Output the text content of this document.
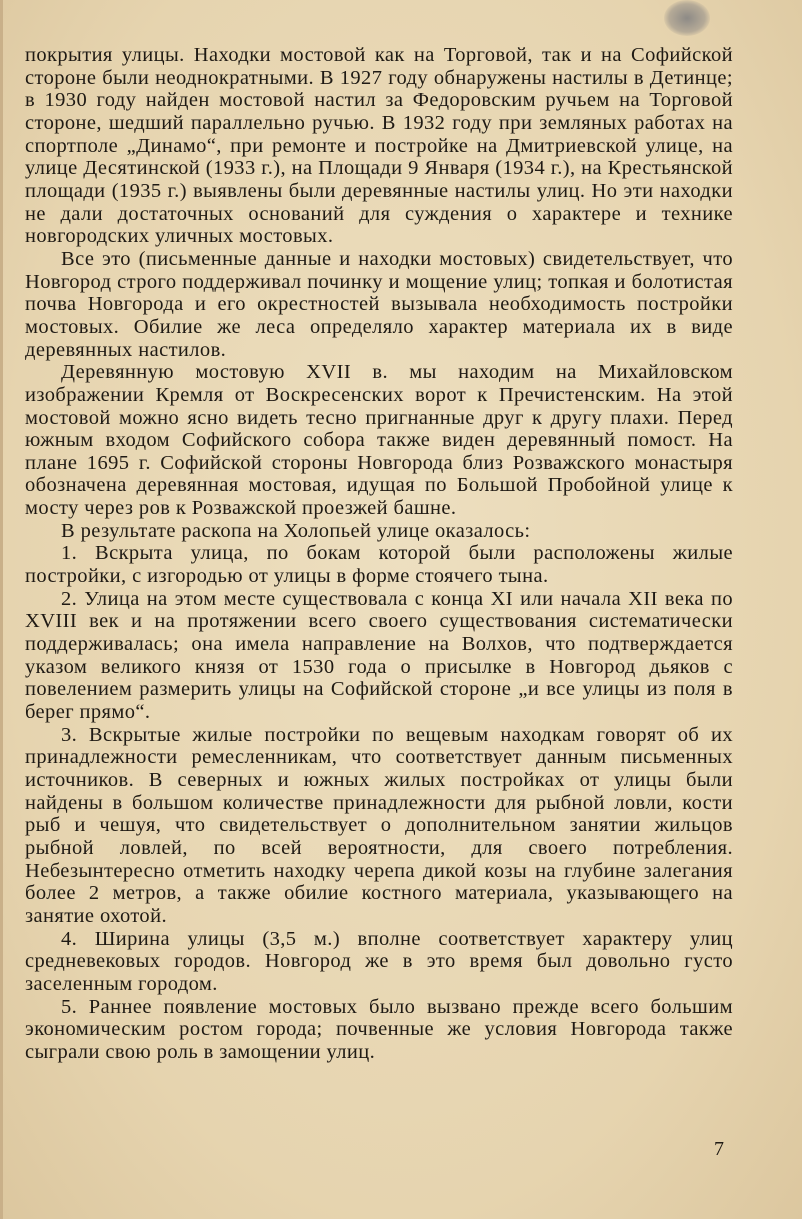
покрытия улицы. Находки мостовой как на Торговой, так и на Софийской стороне были неоднократными. В 1927 году обнаружены настилы в Детинце; в 1930 году найден мостовой настил за Федоровским ручьем на Торговой стороне, шедший параллельно ручью. В 1932 году при земляных работах на спортполе „Динамо“, при ремонте и постройке на Дмитриевской улице, на улице Десятинской (1933 г.), на Площади 9 Января (1934 г.), на Крестьянской площади (1935 г.) выявлены были деревянные настилы улиц. Но эти находки не дали достаточных оснований для суждения о характере и технике новгородских уличных мостовых.

Все это (письменные данные и находки мостовых) свидетельствует, что Новгород строго поддерживал починку и мощение улиц; топкая и болотистая почва Новгорода и его окрестностей вызывала необходимость постройки мостовых. Обилие же леса определяло характер материала их в виде деревянных настилов.

Деревянную мостовую XVII в. мы находим на Михайловском изображении Кремля от Воскресенских ворот к Пречистенским. На этой мостовой можно ясно видеть тесно пригнанные друг к другу плахи. Перед южным входом Софийского собора также виден деревянный помост. На плане 1695 г. Софийской стороны Новгорода близ Розважского монастыря обозначена деревянная мостовая, идущая по Большой Пробойной улице к мосту через ров к Розважской проезжей башне.

В результате раскопа на Холопьей улице оказалось:

1. Вскрыта улица, по бокам которой были расположены жилые постройки, с изгородью от улицы в форме стоячего тына.

2. Улица на этом месте существовала с конца XI или начала XII века по XVIII век и на протяжении всего своего существования систематически поддерживалась; она имела направление на Волхов, что подтверждается указом великого князя от 1530 года о присылке в Новгород дьяков с повелением размерить улицы на Софийской стороне „и все улицы из поля в берег прямо“.

3. Вскрытые жилые постройки по вещевым находкам говорят об их принадлежности ремесленникам, что соответствует данным письменных источников. В северных и южных жилых постройках от улицы были найдены в большом количестве принадлежности для рыбной ловли, кости рыб и чешуя, что свидетельствует о дополнительном занятии жильцов рыбной ловлей, по всей вероятности, для своего потребления. Небезынтересно отметить находку черепа дикой козы на глубине залегания более 2 метров, а также обилие костного материала, указывающего на занятие охотой.

4. Ширина улицы (3,5 м.) вполне соответствует характеру улиц средневековых городов. Новгород же в это время был довольно густо заселенным городом.

5. Раннее появление мостовых было вызвано прежде всего большим экономическим ростом города; почвенные же условия Новгорода также сыграли свою роль в замощении улиц.

7
